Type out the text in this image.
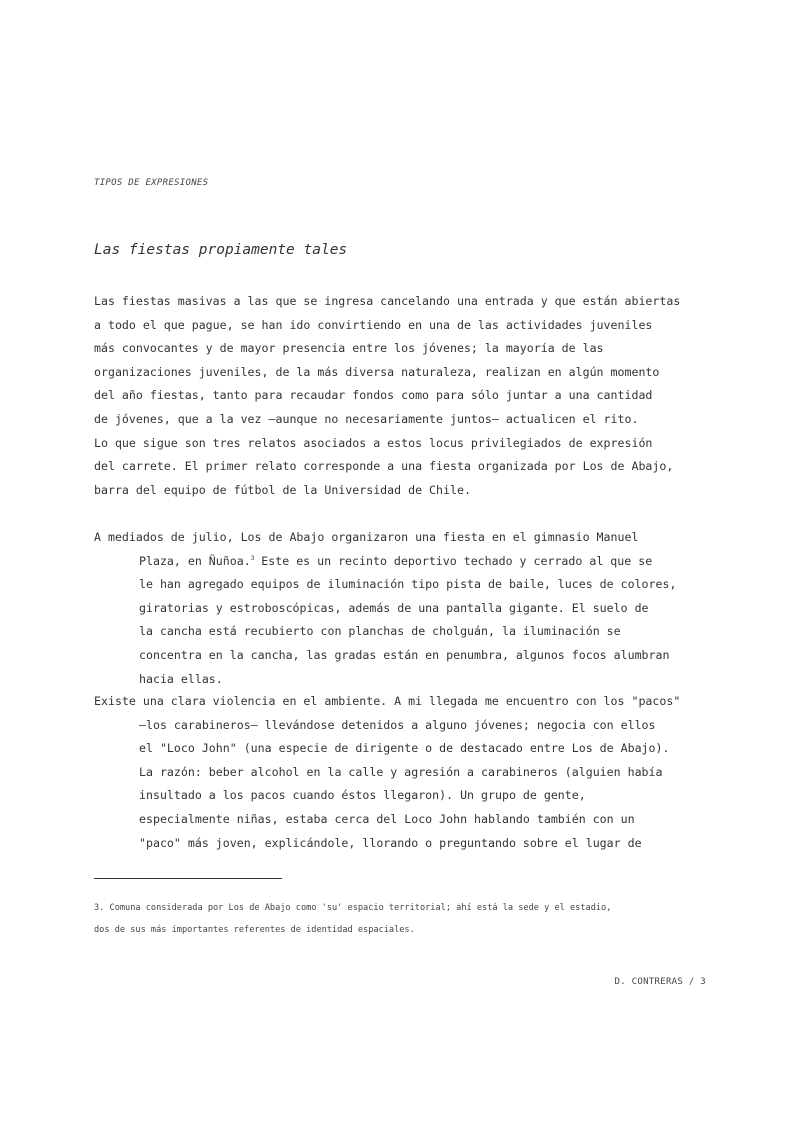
TIPOS DE EXPRESIONES
Las fiestas propiamente tales

Las fiestas masivas a las que se ingresa cancelando una entrada y que están abiertas
a todo el que pague, se han ido convirtiendo en una de las actividades juveniles
más convocantes y de mayor presencia entre los jóvenes; la mayoría de las
organizaciones juveniles, de la más diversa naturaleza, realizan en algún momento
del año fiestas, tanto para recaudar fondos como para sólo juntar a una cantidad
de jóvenes, que a la vez —aunque no necesariamente juntos— actualicen el rito.
Lo que sigue son tres relatos asociados a estos locus privilegiados de expresión
del carrete. El primer relato corresponde a una fiesta organizada por Los de Abajo,
barra del equipo de fútbol de la Universidad de Chile.

A mediados de julio, Los de Abajo organizaron una fiesta en el gimnasio Manuel
Plaza, en Ñuñoa.$^3$ Este es un recinto deportivo techado y cerrado al que se
le han agregado equipos de iluminación tipo pista de baile, luces de colores,
giratorias y estroboscópicas, además de una pantalla gigante. El suelo de
la cancha está recubierto con planchas de cholguán, la iluminación se
concentra en la cancha, las gradas están en penumbra, algunos focos alumbran
hacia ellas.

Existe una clara violencia en el ambiente. A mi llegada me encuentro con los "pacos"
—los carabineros— llevándose detenidos a alguno jóvenes; negocia con ellos
el "Loco John" (una especie de dirigente o de destacado entre Los de Abajo).
La razón: beber alcohol en la calle y agresión a carabineros (alguien había
insultado a los pacos cuando éstos llegaron). Un grupo de gente,
especialmente niñas, estaba cerca del Loco John hablando también con un
"paco" más joven, explicándole, llorando o preguntando sobre el lugar de

3. Comuna considerada por Los de Abajo como 'su' espacio territorial; ahí está la sede y el estadio,
dos de sus más importantes referentes de identidad espaciales.

D. CONTRERAS / 3
